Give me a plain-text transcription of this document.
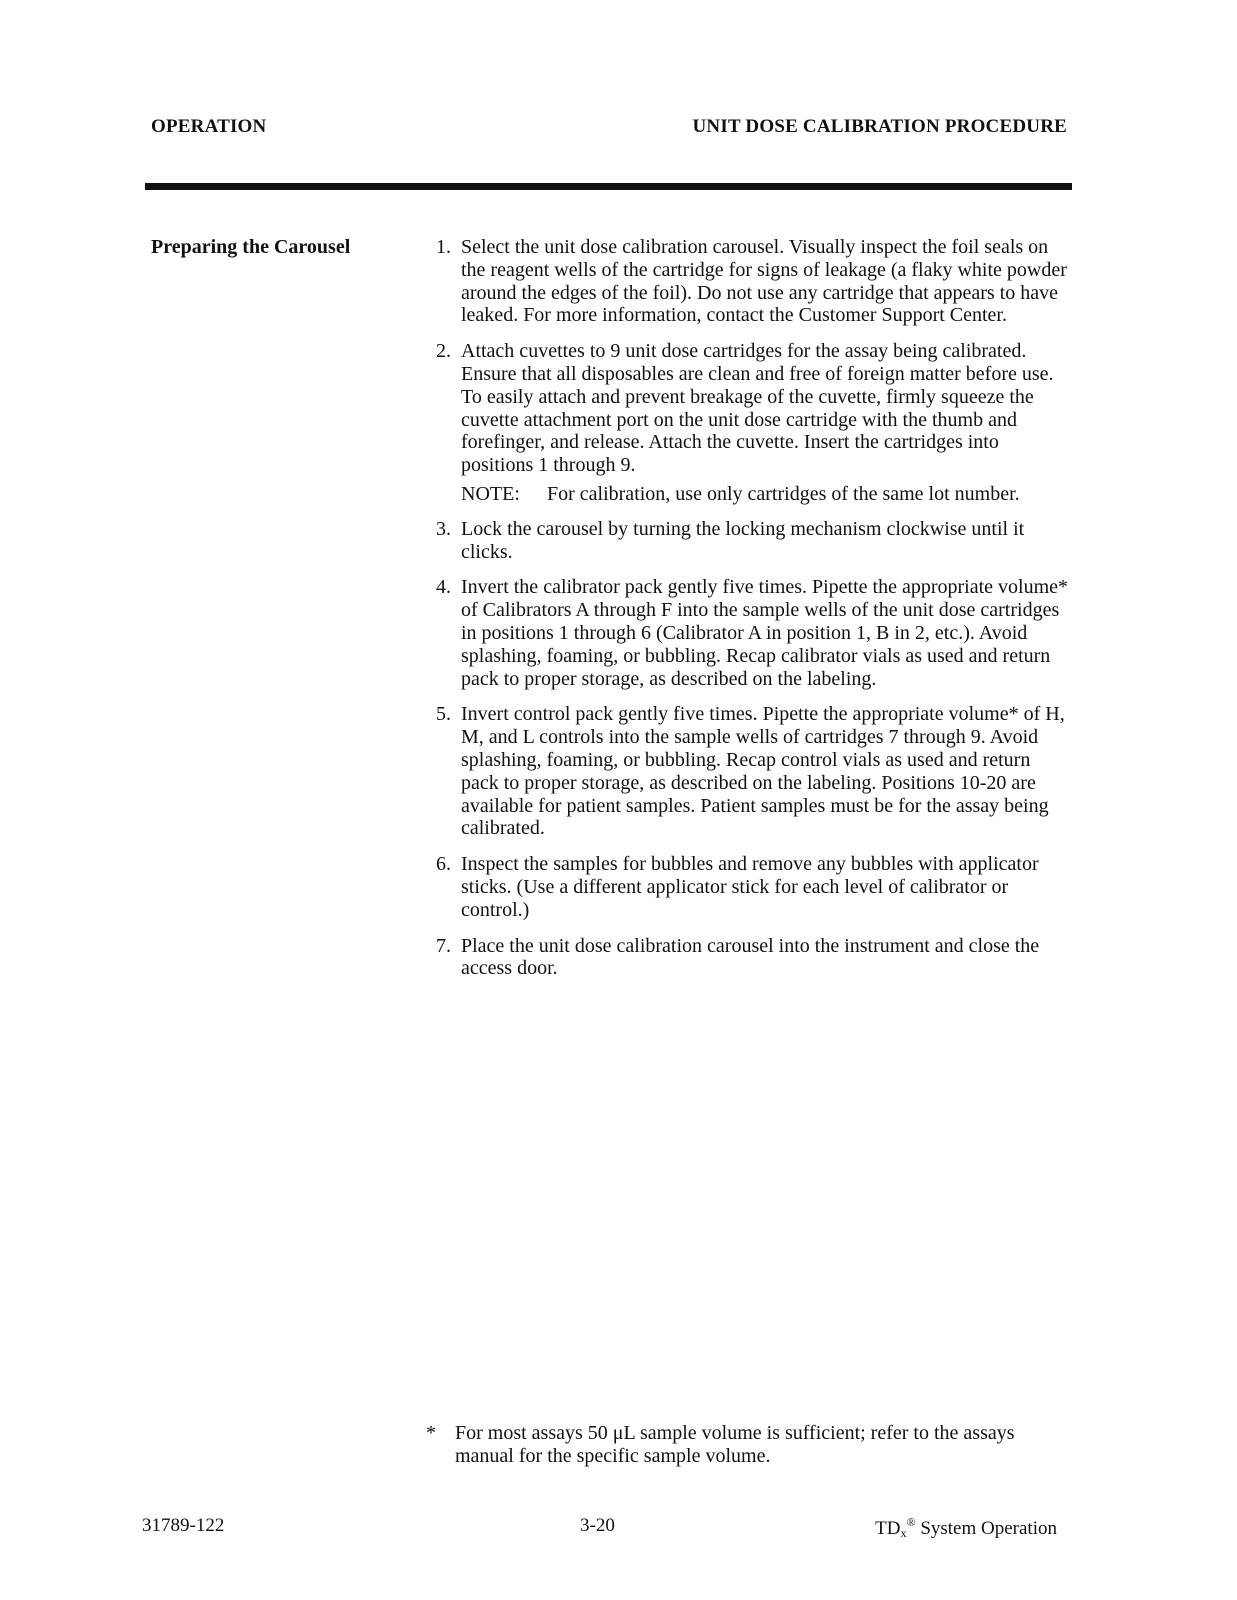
OPERATION	UNIT DOSE CALIBRATION PROCEDURE
Preparing the Carousel	1. Select the unit dose calibration carousel. Visually inspect the foil seals on the reagent wells of the cartridge for signs of leakage (a flaky white powder around the edges of the foil). Do not use any cartridge that appears to have leaked. For more information, contact the Customer Support Center.
2. Attach cuvettes to 9 unit dose cartridges for the assay being calibrated. Ensure that all disposables are clean and free of foreign matter before use. To easily attach and prevent breakage of the cuvette, firmly squeeze the cuvette attachment port on the unit dose cartridge with the thumb and forefinger, and release. Attach the cuvette. Insert the cartridges into positions 1 through 9.
NOTE:	For calibration, use only cartridges of the same lot number.
3. Lock the carousel by turning the locking mechanism clockwise until it clicks.
4. Invert the calibrator pack gently five times. Pipette the appropriate volume* of Calibrators A through F into the sample wells of the unit dose cartridges in positions 1 through 6 (Calibrator A in position 1, B in 2, etc.). Avoid splashing, foaming, or bubbling. Recap calibrator vials as used and return pack to proper storage, as described on the labeling.
5. Invert control pack gently five times. Pipette the appropriate volume* of H, M, and L controls into the sample wells of cartridges 7 through 9. Avoid splashing, foaming, or bubbling. Recap control vials as used and return pack to proper storage, as described on the labeling. Positions 10-20 are available for patient samples. Patient samples must be for the assay being calibrated.
6. Inspect the samples for bubbles and remove any bubbles with applicator sticks. (Use a different applicator stick for each level of calibrator or control.)
7. Place the unit dose calibration carousel into the instrument and close the access door.
* For most assays 50 μL sample volume is sufficient; refer to the assays manual for the specific sample volume.
31789-122	3-20	$TD_x®$ System Operation
